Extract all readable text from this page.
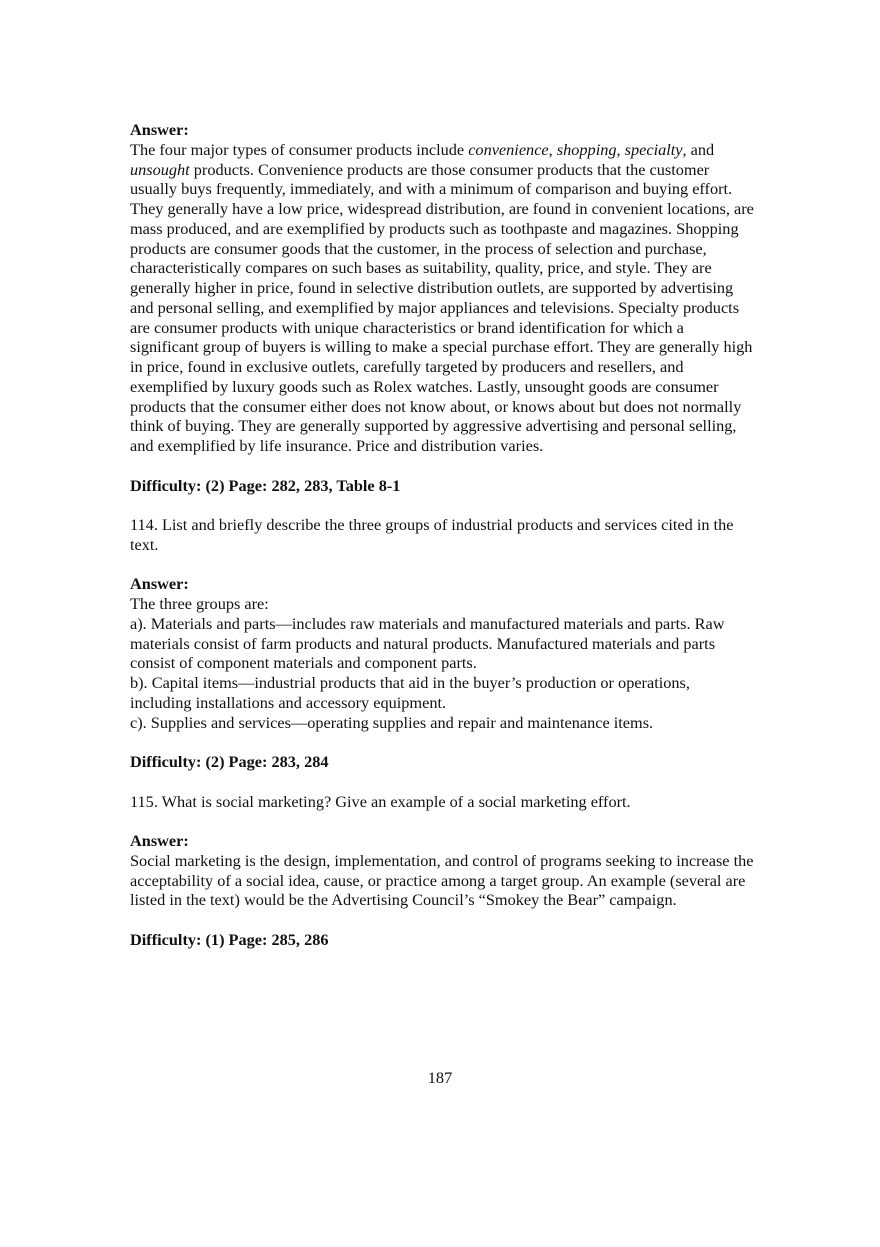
Answer:
The four major types of consumer products include convenience, shopping, specialty, and unsought products. Convenience products are those consumer products that the customer usually buys frequently, immediately, and with a minimum of comparison and buying effort. They generally have a low price, widespread distribution, are found in convenient locations, are mass produced, and are exemplified by products such as toothpaste and magazines. Shopping products are consumer goods that the customer, in the process of selection and purchase, characteristically compares on such bases as suitability, quality, price, and style. They are generally higher in price, found in selective distribution outlets, are supported by advertising and personal selling, and exemplified by major appliances and televisions. Specialty products are consumer products with unique characteristics or brand identification for which a significant group of buyers is willing to make a special purchase effort. They are generally high in price, found in exclusive outlets, carefully targeted by producers and resellers, and exemplified by luxury goods such as Rolex watches. Lastly, unsought goods are consumer products that the consumer either does not know about, or knows about but does not normally think of buying. They are generally supported by aggressive advertising and personal selling, and exemplified by life insurance. Price and distribution varies.
Difficulty: (2) Page: 282, 283, Table 8-1
114. List and briefly describe the three groups of industrial products and services cited in the text.
Answer:
The three groups are:
a). Materials and parts—includes raw materials and manufactured materials and parts. Raw materials consist of farm products and natural products. Manufactured materials and parts consist of component materials and component parts.
b). Capital items—industrial products that aid in the buyer’s production or operations, including installations and accessory equipment.
c). Supplies and services—operating supplies and repair and maintenance items.
Difficulty: (2) Page: 283, 284
115. What is social marketing? Give an example of a social marketing effort.
Answer:
Social marketing is the design, implementation, and control of programs seeking to increase the acceptability of a social idea, cause, or practice among a target group. An example (several are listed in the text) would be the Advertising Council’s “Smokey the Bear” campaign.
Difficulty: (1) Page: 285, 286
187
